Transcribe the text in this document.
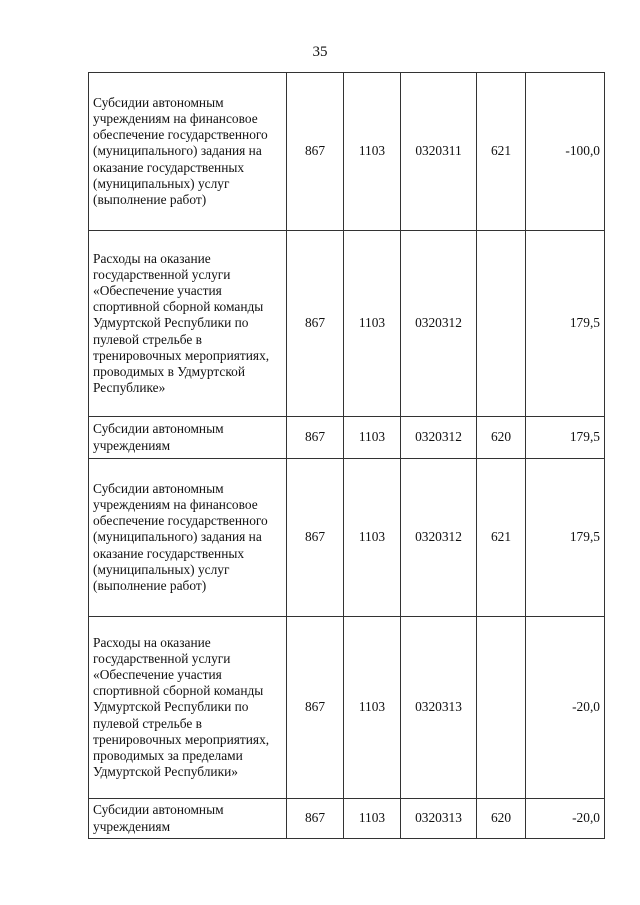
35
Субсидии автономным учреждениям на финансовое обеспечение государственного (муниципального) задания на оказание государственных (муниципальных) услуг (выполнение работ)	867	1103	0320311	621	-100,0
Расходы на оказание государственной услуги «Обеспечение участия спортивной сборной команды Удмуртской Республики по пулевой стрельбе в тренировочных мероприятиях, проводимых в Удмуртской Республике»	867	1103	0320312		179,5
Субсидии автономным учреждениям	867	1103	0320312	620	179,5
Субсидии автономным учреждениям на финансовое обеспечение государственного (муниципального) задания на оказание государственных (муниципальных) услуг (выполнение работ)	867	1103	0320312	621	179,5
Расходы на оказание государственной услуги «Обеспечение участия спортивной сборной команды Удмуртской Республики по пулевой стрельбе в тренировочных мероприятиях, проводимых за пределами Удмуртской Республики»	867	1103	0320313		-20,0
Субсидии автономным учреждениям	867	1103	0320313	620	-20,0
